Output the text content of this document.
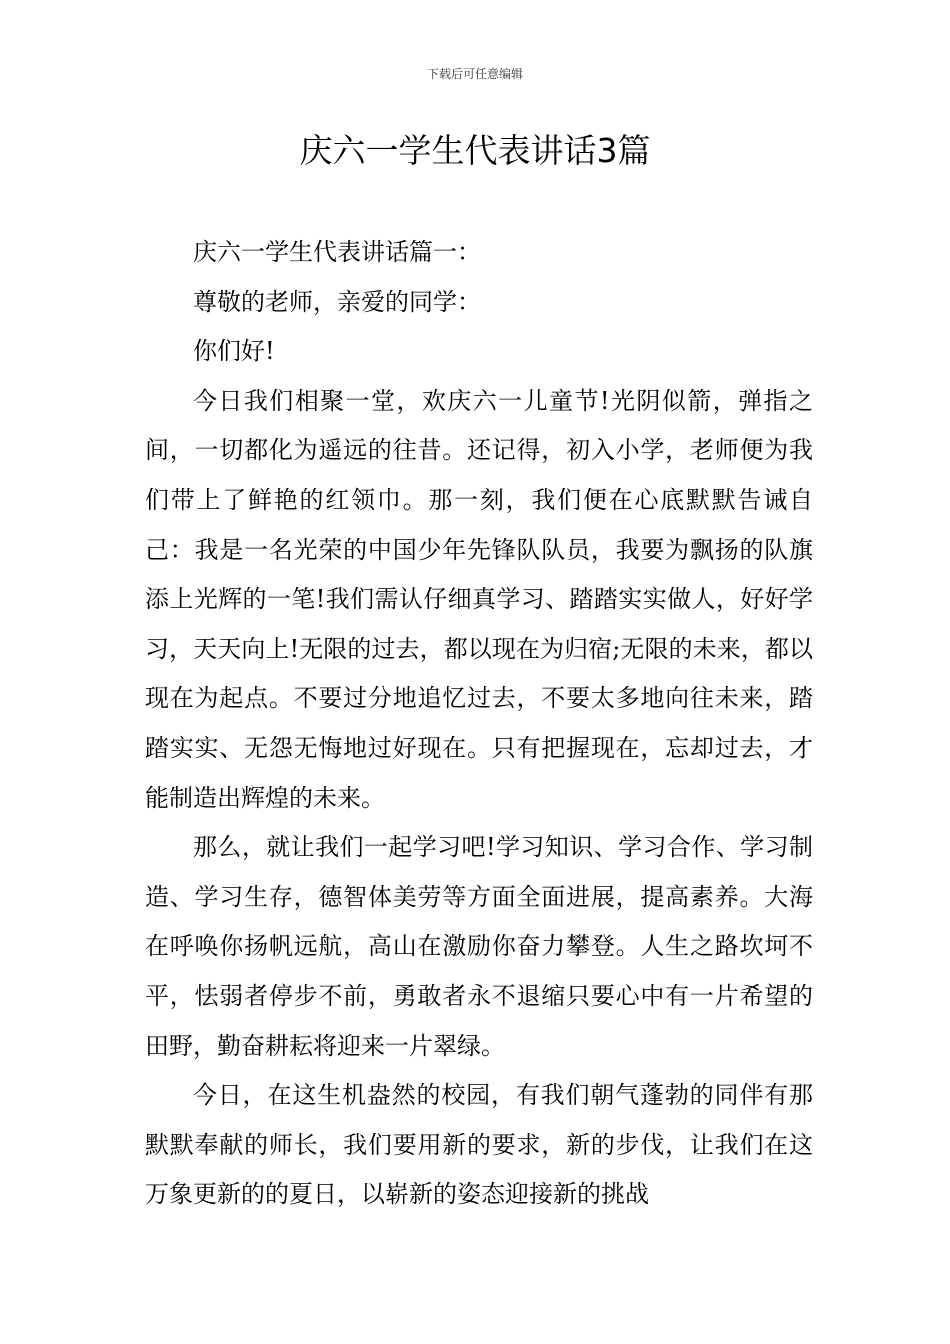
下载后可任意编辑
庆六一学生代表讲话3篇

庆六一学生代表讲话篇一：

尊敬的老师，亲爱的同学：

你们好!

今日我们相聚一堂，欢庆六一儿童节!光阴似箭，弹指之间，一切都化为遥远的往昔。还记得，初入小学，老师便为我们带上了鲜艳的红领巾。那一刻，我们便在心底默默告诫自己：我是一名光荣的中国少年先锋队队员，我要为飘扬的队旗添上光辉的一笔!我们需认仔细真学习、踏踏实实做人，好好学习，天天向上!无限的过去，都以现在为归宿;无限的未来，都以现在为起点。不要过分地追忆过去，不要太多地向往未来，踏踏实实、无怨无悔地过好现在。只有把握现在，忘却过去，才能制造出辉煌的未来。

那么，就让我们一起学习吧!学习知识、学习合作、学习制造、学习生存，德智体美劳等方面全面进展，提高素养。大海在呼唤你扬帆远航，高山在激励你奋力攀登。人生之路坎坷不平，怯弱者停步不前，勇敢者永不退缩只要心中有一片希望的田野，勤奋耕耘将迎来一片翠绿。

今日，在这生机盎然的校园，有我们朝气蓬勃的同伴有那默默奉献的师长，我们要用新的要求，新的步伐，让我们在这万象更新的的夏日，以崭新的姿态迎接新的挑战
